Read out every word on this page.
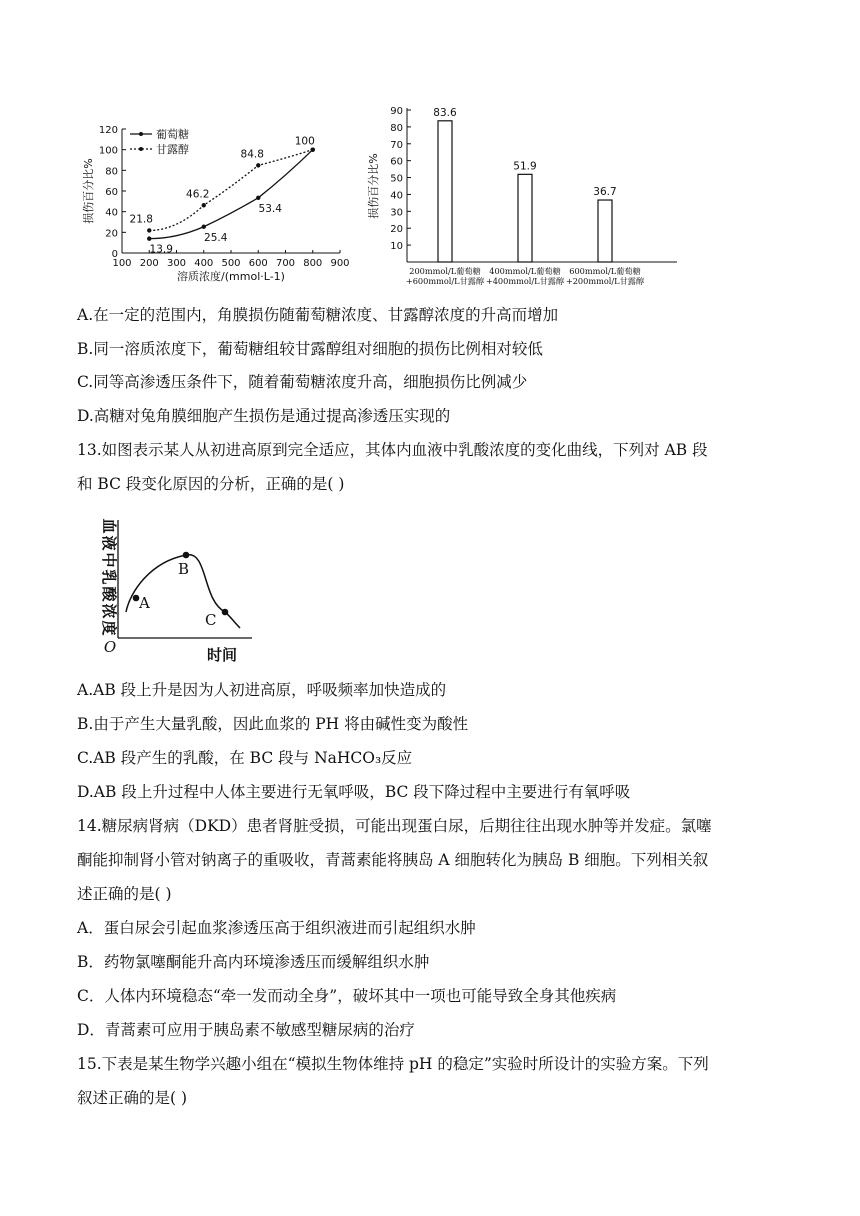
0
20
40
60
80
100
120
100 200 300 400 500 600 700 800 900
损伤百分比%
溶质浓度/(mmol·L-1)
葡萄糖
甘露醇
13.9
25.4
53.4
100
21.8
46.2
84.8
10
20
30
40
50
60
70
80
90
损伤百分比%
83.6
200mmol/L葡萄糖
+600mmol/L甘露醇
51.9
400mmol/L葡萄糖
+400mmol/L甘露醇
36.7
600mmol/L葡萄糖
+200mmol/L甘露醇
A.在一定的范围内，角膜损伤随葡萄糖浓度、甘露醇浓度的升高而增加
B.同一溶质浓度下，葡萄糖组较甘露醇组对细胞的损伤比例相对较低
C.同等高渗透压条件下，随着葡萄糖浓度升高，细胞损伤比例减少
D.高糖对兔角膜细胞产生损伤是通过提高渗透压实现的
13.如图表示某人从初进高原到完全适应，其体内血液中乳酸浓度的变化曲线，下列对 AB 段
和 BC 段变化原因的分析，正确的是( )
血
液
中
乳
酸
浓
度
O	时间
A
B
C
A.AB 段上升是因为人初进高原，呼吸频率加快造成的
B.由于产生大量乳酸，因此血浆的 PH 将由碱性变为酸性
C.AB 段产生的乳酸，在 BC 段与 NaHCO₃反应
D.AB 段上升过程中人体主要进行无氧呼吸，BC 段下降过程中主要进行有氧呼吸
14.糖尿病肾病（DKD）患者肾脏受损，可能出现蛋白尿，后期往往出现水肿等并发症。氯噻
酮能抑制肾小管对钠离子的重吸收，青蒿素能将胰岛 A 细胞转化为胰岛 B 细胞。下列相关叙
述正确的是( )
A．蛋白尿会引起血浆渗透压高于组织液进而引起组织水肿
B．药物氯噻酮能升高内环境渗透压而缓解组织水肿
C．人体内环境稳态“牵一发而动全身”，破坏其中一项也可能导致全身其他疾病
D．青蒿素可应用于胰岛素不敏感型糖尿病的治疗
15.下表是某生物学兴趣小组在“模拟生物体维持 pH 的稳定”实验时所设计的实验方案。下列
叙述正确的是( )
